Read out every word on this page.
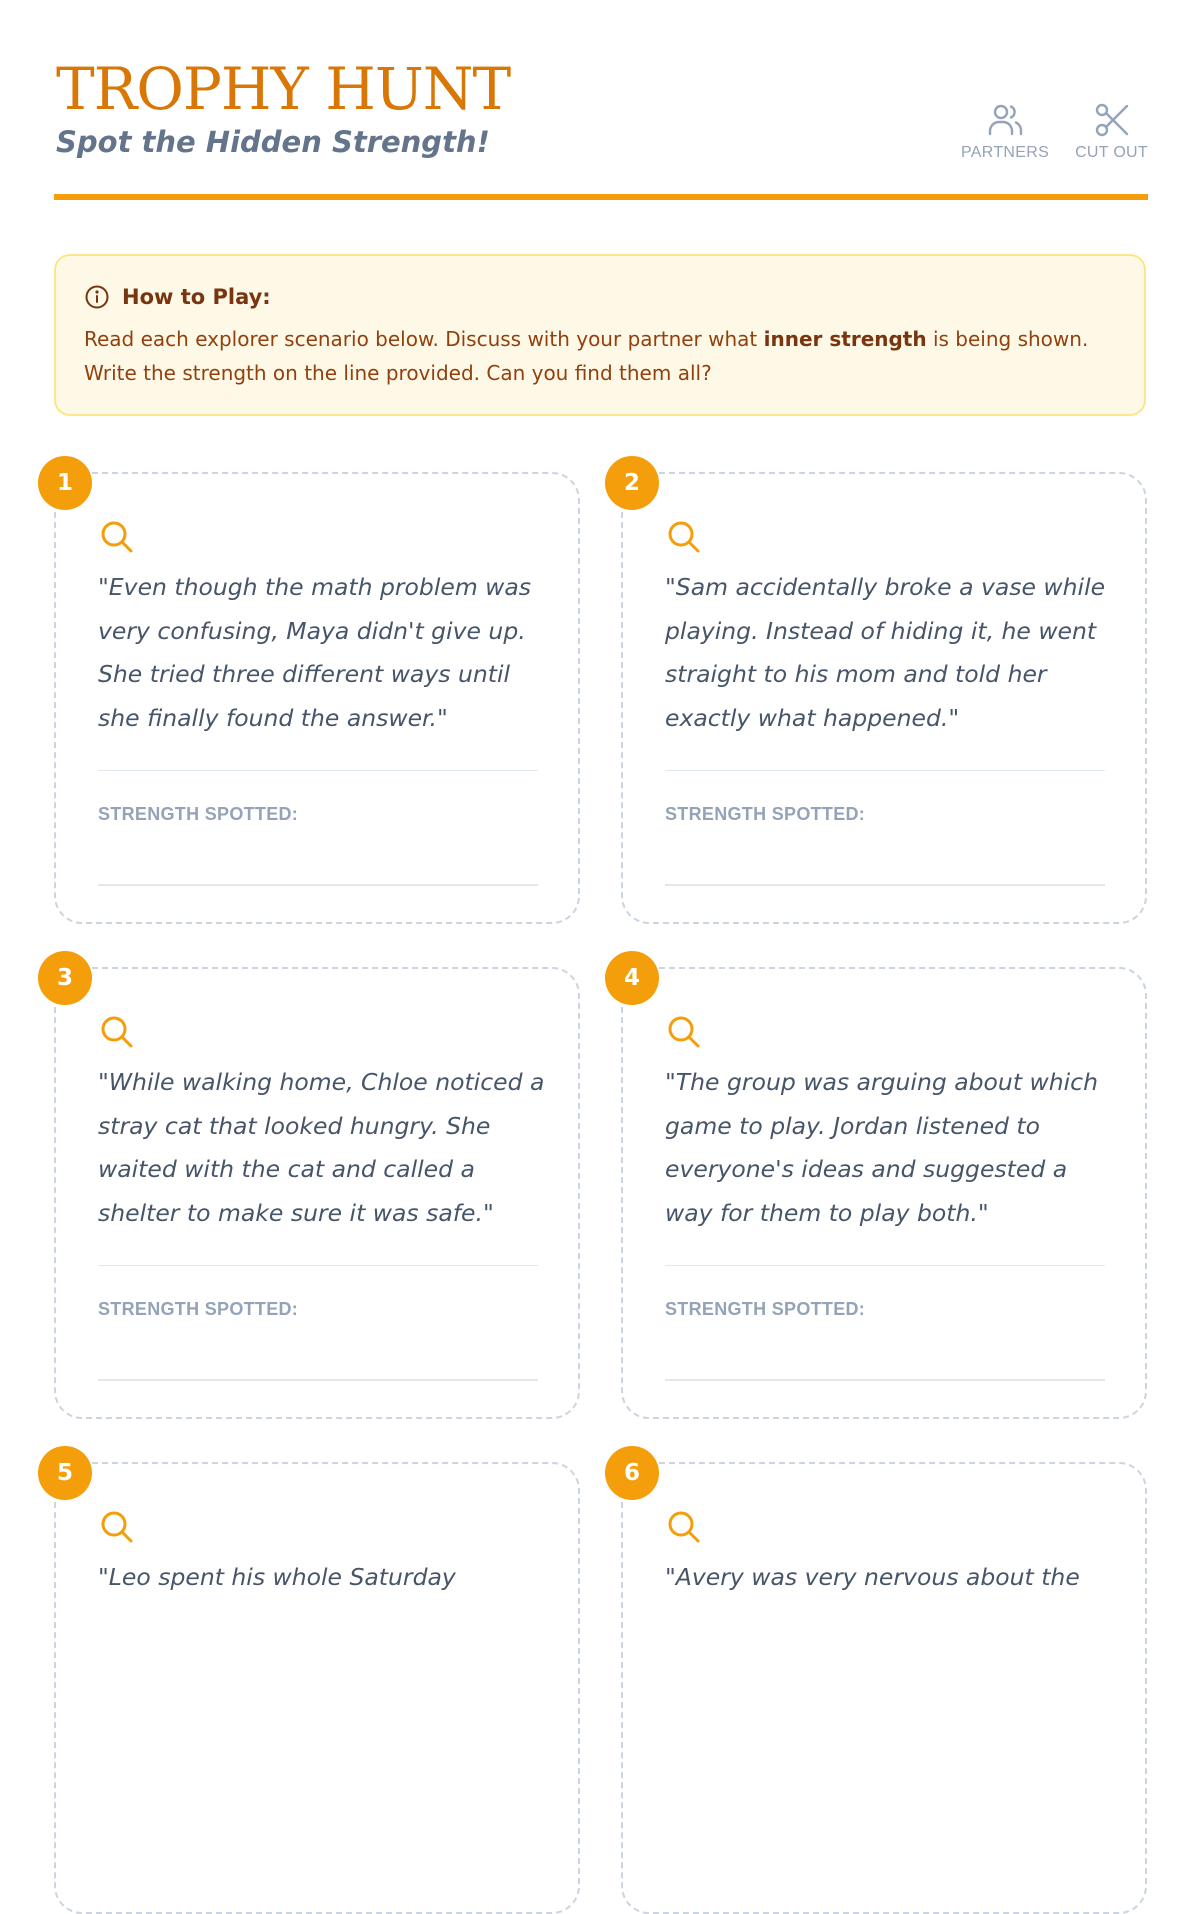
TROPHY HUNT
Spot the Hidden Strength!	PARTNERS CUT OUT
How to Play:
Read each explorer scenario below. Discuss with your partner what inner strength is being shown. Write the strength on the line provided. Can you find them all?
1

"Even though the math problem was very confusing, Maya didn't give up. She tried three different ways until she finally found the answer."

STRENGTH SPOTTED:
2

"Sam accidentally broke a vase while playing. Instead of hiding it, he went straight to his mom and told her exactly what happened."

STRENGTH SPOTTED:
3

"While walking home, Chloe noticed a stray cat that looked hungry. She waited with the cat and called a shelter to make sure it was safe."

STRENGTH SPOTTED:
4

"The group was arguing about which game to play. Jordan listened to everyone's ideas and suggested a way for them to play both."

STRENGTH SPOTTED:
5

"Leo spent his whole Saturday

6

"Avery was very nervous about the
